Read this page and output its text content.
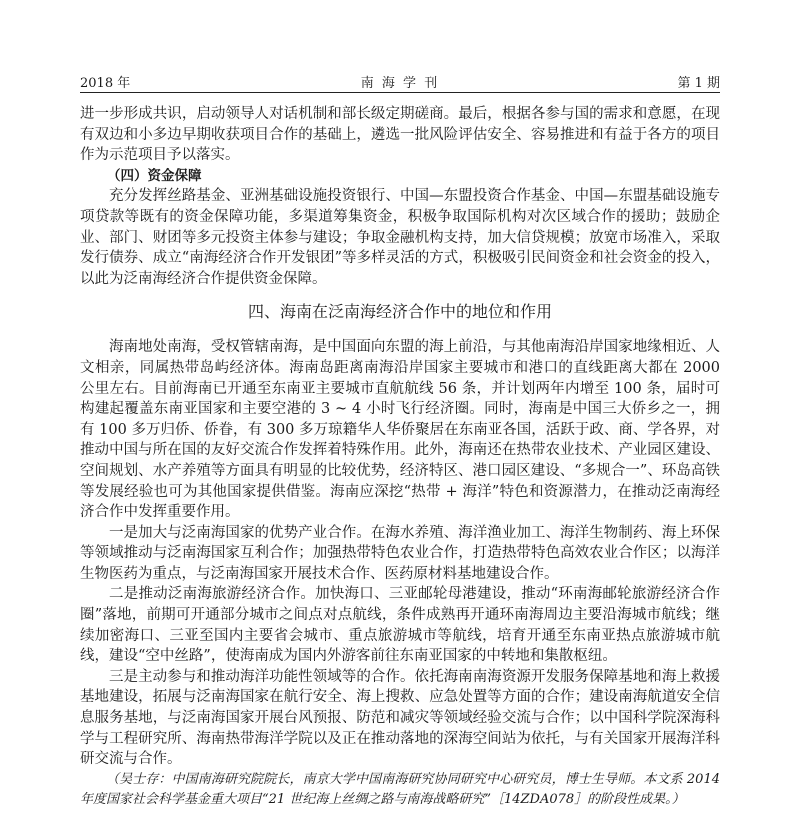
2018 年	南 海 学 刊	第 1 期

进一步形成共识，启动领导人对话机制和部长级定期磋商。最后，根据各参与国的需求和意愿，在现有双边和小多边早期收获项目合作的基础上，遴选一批风险评估安全、容易推进和有益于各方的项目作为示范项目予以落实。

（四）资金保障

充分发挥丝路基金、亚洲基础设施投资银行、中国—东盟投资合作基金、中国—东盟基础设施专项贷款等既有的资金保障功能，多渠道筹集资金，积极争取国际机构对次区域合作的援助；鼓励企业、部门、财团等多元投资主体参与建设；争取金融机构支持，加大信贷规模；放宽市场准入，采取发行债券、成立“南海经济合作开发银团”等多样灵活的方式，积极吸引民间资金和社会资金的投入，以此为泛南海经济合作提供资金保障。

四、海南在泛南海经济合作中的地位和作用

海南地处南海，受权管辖南海，是中国面向东盟的海上前沿，与其他南海沿岸国家地缘相近、人文相亲，同属热带岛屿经济体。海南岛距离南海沿岸国家主要城市和港口的直线距离大都在 2000 公里左右。目前海南已开通至东南亚主要城市直航航线 56 条，并计划两年内增至 100 条，届时可构建起覆盖东南亚国家和主要空港的 3 ~ 4 小时飞行经济圈。同时，海南是中国三大侨乡之一，拥有 100 多万归侨、侨眷，有 300 多万琼籍华人华侨聚居在东南亚各国，活跃于政、商、学各界，对推动中国与所在国的友好交流合作发挥着特殊作用。此外，海南还在热带农业技术、产业园区建设、空间规划、水产养殖等方面具有明显的比较优势，经济特区、港口园区建设、“多规合一”、环岛高铁等发展经验也可为其他国家提供借鉴。海南应深挖“热带 + 海洋”特色和资源潜力，在推动泛南海经济合作中发挥重要作用。

一是加大与泛南海国家的优势产业合作。在海水养殖、海洋渔业加工、海洋生物制药、海上环保等领域推动与泛南海国家互利合作；加强热带特色农业合作，打造热带特色高效农业合作区；以海洋生物医药为重点，与泛南海国家开展技术合作、医药原材料基地建设合作。

二是推动泛南海旅游经济合作。加快海口、三亚邮轮母港建设，推动“环南海邮轮旅游经济合作圈”落地，前期可开通部分城市之间点对点航线，条件成熟再开通环南海周边主要沿海城市航线；继续加密海口、三亚至国内主要省会城市、重点旅游城市等航线，培育开通至东南亚热点旅游城市航线，建设“空中丝路”，使海南成为国内外游客前往东南亚国家的中转地和集散枢纽。

三是主动参与和推动海洋功能性领域等的合作。依托海南南海资源开发服务保障基地和海上救援基地建设，拓展与泛南海国家在航行安全、海上搜救、应急处置等方面的合作；建设南海航道安全信息服务基地，与泛南海国家开展台风预报、防范和减灾等领域经验交流与合作；以中国科学院深海科学与工程研究所、海南热带海洋学院以及正在推动落地的深海空间站为依托，与有关国家开展海洋科研交流与合作。

（吴士存：中国南海研究院院长，南京大学中国南海研究协同研究中心研究员，博士生导师。本文系 2014 年度国家社会科学基金重大项目“21 世纪海上丝绸之路与南海战略研究”［14ZDA078］的阶段性成果。）
